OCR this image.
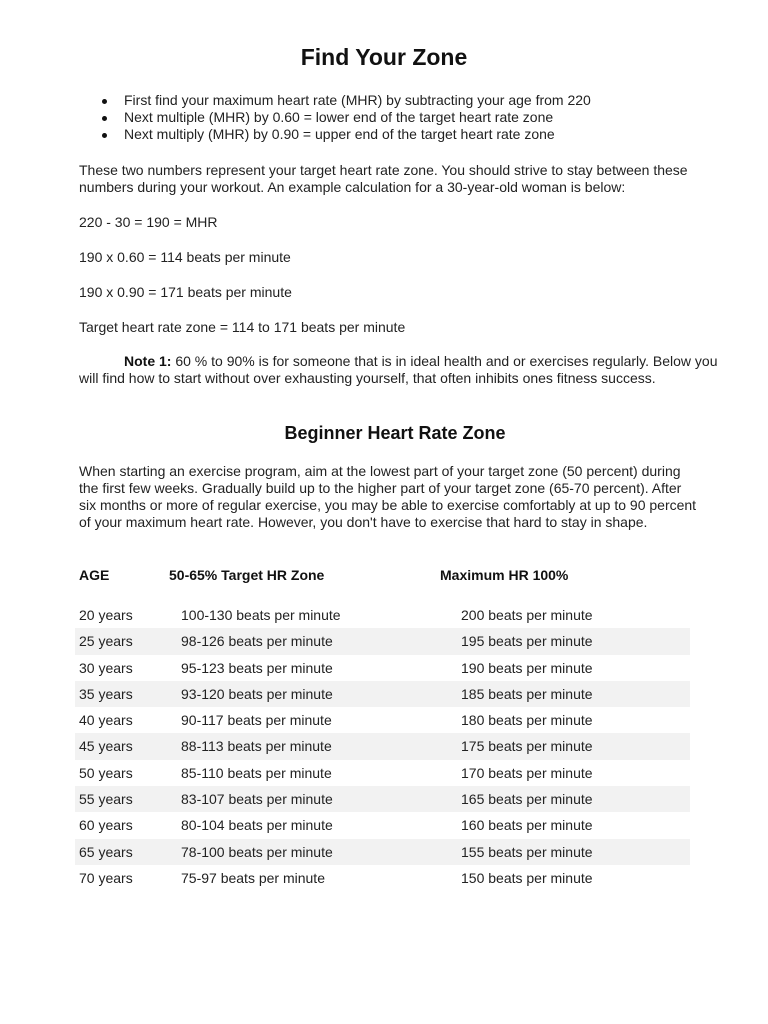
Find Your Zone
First find your maximum heart rate (MHR) by subtracting your age from 220
Next multiple (MHR) by 0.60 = lower end of the target heart rate zone
Next multiply (MHR) by 0.90 = upper end of the target heart rate zone

These two numbers represent your target heart rate zone. You should strive to stay between these numbers during your workout. An example calculation for a 30-year-old woman is below:

220 - 30 = 190 = MHR

190 x 0.60 = 114 beats per minute

190 x 0.90 = 171 beats per minute

Target heart rate zone = 114 to 171 beats per minute

Note 1: 60 % to 90% is for someone that is in ideal health and or exercises regularly. Below you will find how to start without over exhausting yourself, that often inhibits ones fitness success.

Beginner Heart Rate Zone

When starting an exercise program, aim at the lowest part of your target zone (50 percent) during the first few weeks. Gradually build up to the higher part of your target zone (65-70 percent). After six months or more of regular exercise, you may be able to exercise comfortably at up to 90 percent of your maximum heart rate. However, you don't have to exercise that hard to stay in shape.

AGE	50-65% Target HR Zone	Maximum HR 100%
20 years	100-130 beats per minute	200 beats per minute
25 years	98-126 beats per minute	195 beats per minute
30 years	95-123 beats per minute	190 beats per minute
35 years	93-120 beats per minute	185 beats per minute
40 years	90-117 beats per minute	180 beats per minute
45 years	88-113 beats per minute	175 beats per minute
50 years	85-110 beats per minute	170 beats per minute
55 years	83-107 beats per minute	165 beats per minute
60 years	80-104 beats per minute	160 beats per minute
65 years	78-100 beats per minute	155 beats per minute
70 years	75-97 beats per minute	150 beats per minute
